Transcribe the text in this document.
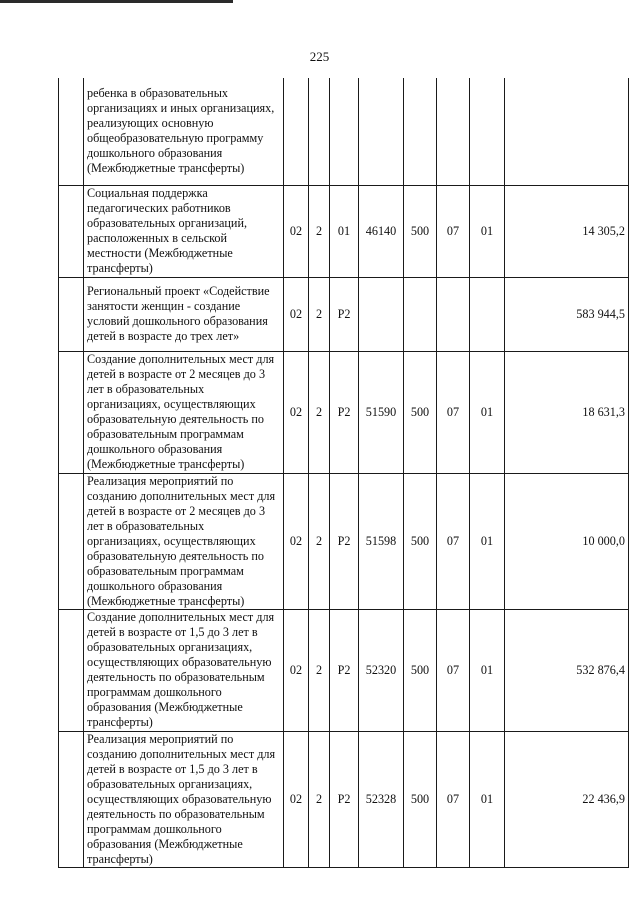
225
	ребенка в образовательных организациях и иных организациях, реализующих основную общеобразовательную программу дошкольного образования (Межбюджетные трансферты)								
	Социальная поддержка педагогических работников образовательных организаций, расположенных в сельской местности (Межбюджетные трансферты)	02	2	01	46140	500	07	01	14 305,2
	Региональный проект «Содействие занятости женщин - создание условий дошкольного образования детей в возрасте до трех лет»	02	2	Р2					583 944,5
	Создание дополнительных мест для детей в возрасте от 2 месяцев до 3 лет в образовательных организациях, осуществляющих образовательную деятельность по образовательным программам дошкольного образования (Межбюджетные трансферты)	02	2	Р2	51590	500	07	01	18 631,3
	Реализация мероприятий по созданию дополнительных мест для детей в возрасте от 2 месяцев до 3 лет в образовательных организациях, осуществляющих образовательную деятельность по образовательным программам дошкольного образования (Межбюджетные трансферты)	02	2	Р2	51598	500	07	01	10 000,0
	Создание дополнительных мест для детей в возрасте от 1,5 до 3 лет в образовательных организациях, осуществляющих образовательную деятельность по образовательным программам дошкольного образования (Межбюджетные трансферты)	02	2	Р2	52320	500	07	01	532 876,4
	Реализация мероприятий по созданию дополнительных мест для детей в возрасте от 1,5 до 3 лет в образовательных организациях, осуществляющих образовательную деятельность по образовательным программам дошкольного образования (Межбюджетные трансферты)	02	2	Р2	52328	500	07	01	22 436,9
